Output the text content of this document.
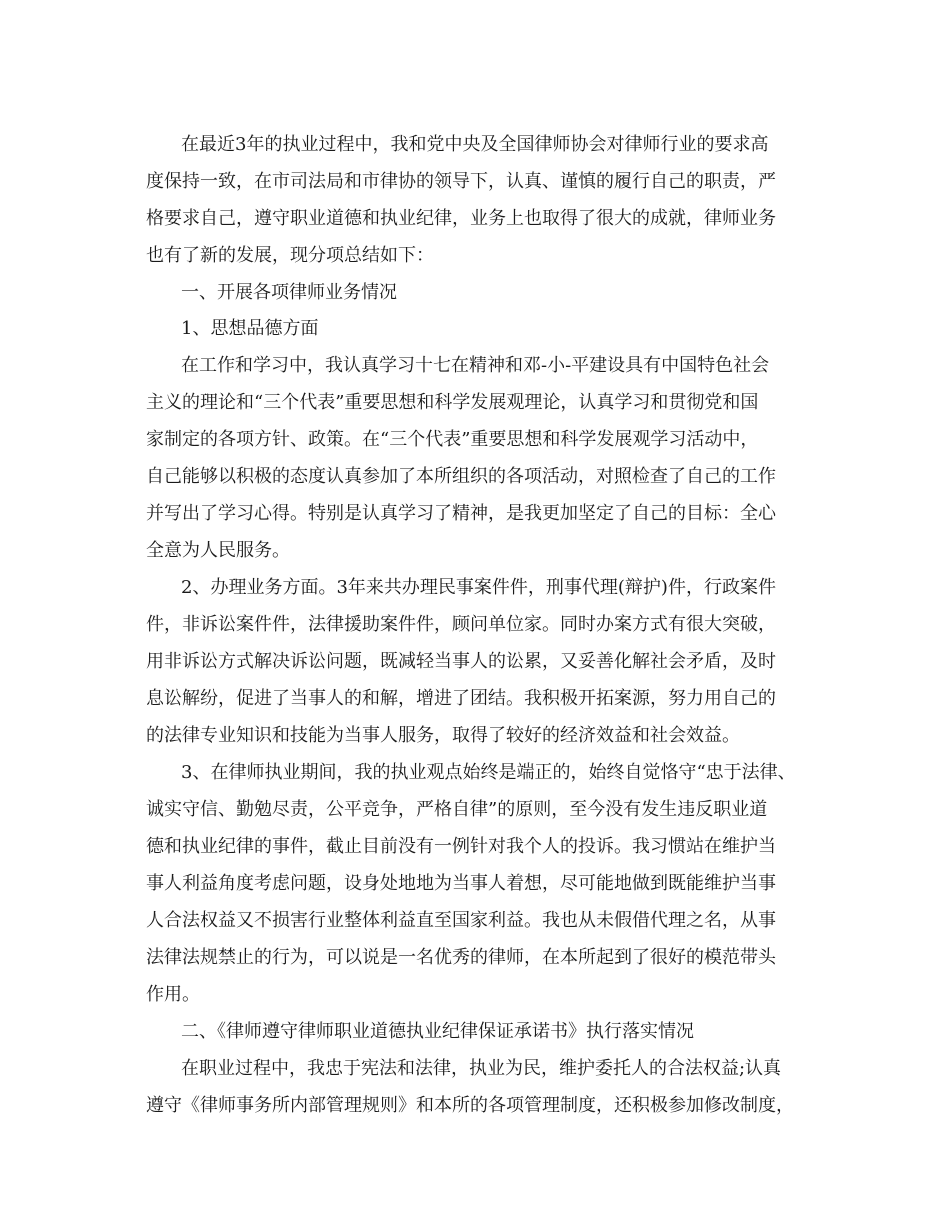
在最近3年的执业过程中，我和党中央及全国律师协会对律师行业的要求高
度保持一致，在市司法局和市律协的领导下，认真、谨慎的履行自己的职责，严
格要求自己，遵守职业道德和执业纪律，业务上也取得了很大的成就，律师业务
也有了新的发展，现分项总结如下：
一、开展各项律师业务情况
1、思想品德方面
在工作和学习中，我认真学习十七在精神和邓-小-平建设具有中国特色社会
主义的理论和“三个代表”重要思想和科学发展观理论，认真学习和贯彻党和国
家制定的各项方针、政策。在“三个代表”重要思想和科学发展观学习活动中，
自己能够以积极的态度认真参加了本所组织的各项活动，对照检查了自己的工作
并写出了学习心得。特别是认真学习了精神，是我更加坚定了自己的目标：全心
全意为人民服务。
2、办理业务方面。3年来共办理民事案件件，刑事代理(辩护)件，行政案件
件，非诉讼案件件，法律援助案件件，顾问单位家。同时办案方式有很大突破，
用非诉讼方式解决诉讼问题，既减轻当事人的讼累，又妥善化解社会矛盾，及时
息讼解纷，促进了当事人的和解，增进了团结。我积极开拓案源，努力用自己的
的法律专业知识和技能为当事人服务，取得了较好的经济效益和社会效益。
3、在律师执业期间，我的执业观点始终是端正的，始终自觉恪守“忠于法律、
诚实守信、勤勉尽责，公平竞争，严格自律”的原则，至今没有发生违反职业道
德和执业纪律的事件，截止目前没有一例针对我个人的投诉。我习惯站在维护当
事人利益角度考虑问题，设身处地地为当事人着想，尽可能地做到既能维护当事
人合法权益又不损害行业整体利益直至国家利益。我也从未假借代理之名，从事
法律法规禁止的行为，可以说是一名优秀的律师，在本所起到了很好的模范带头
作用。
二、《律师遵守律师职业道德执业纪律保证承诺书》执行落实情况
在职业过程中，我忠于宪法和法律，执业为民，维护委托人的合法权益;认真
遵守《律师事务所内部管理规则》和本所的各项管理制度，还积极参加修改制度，
